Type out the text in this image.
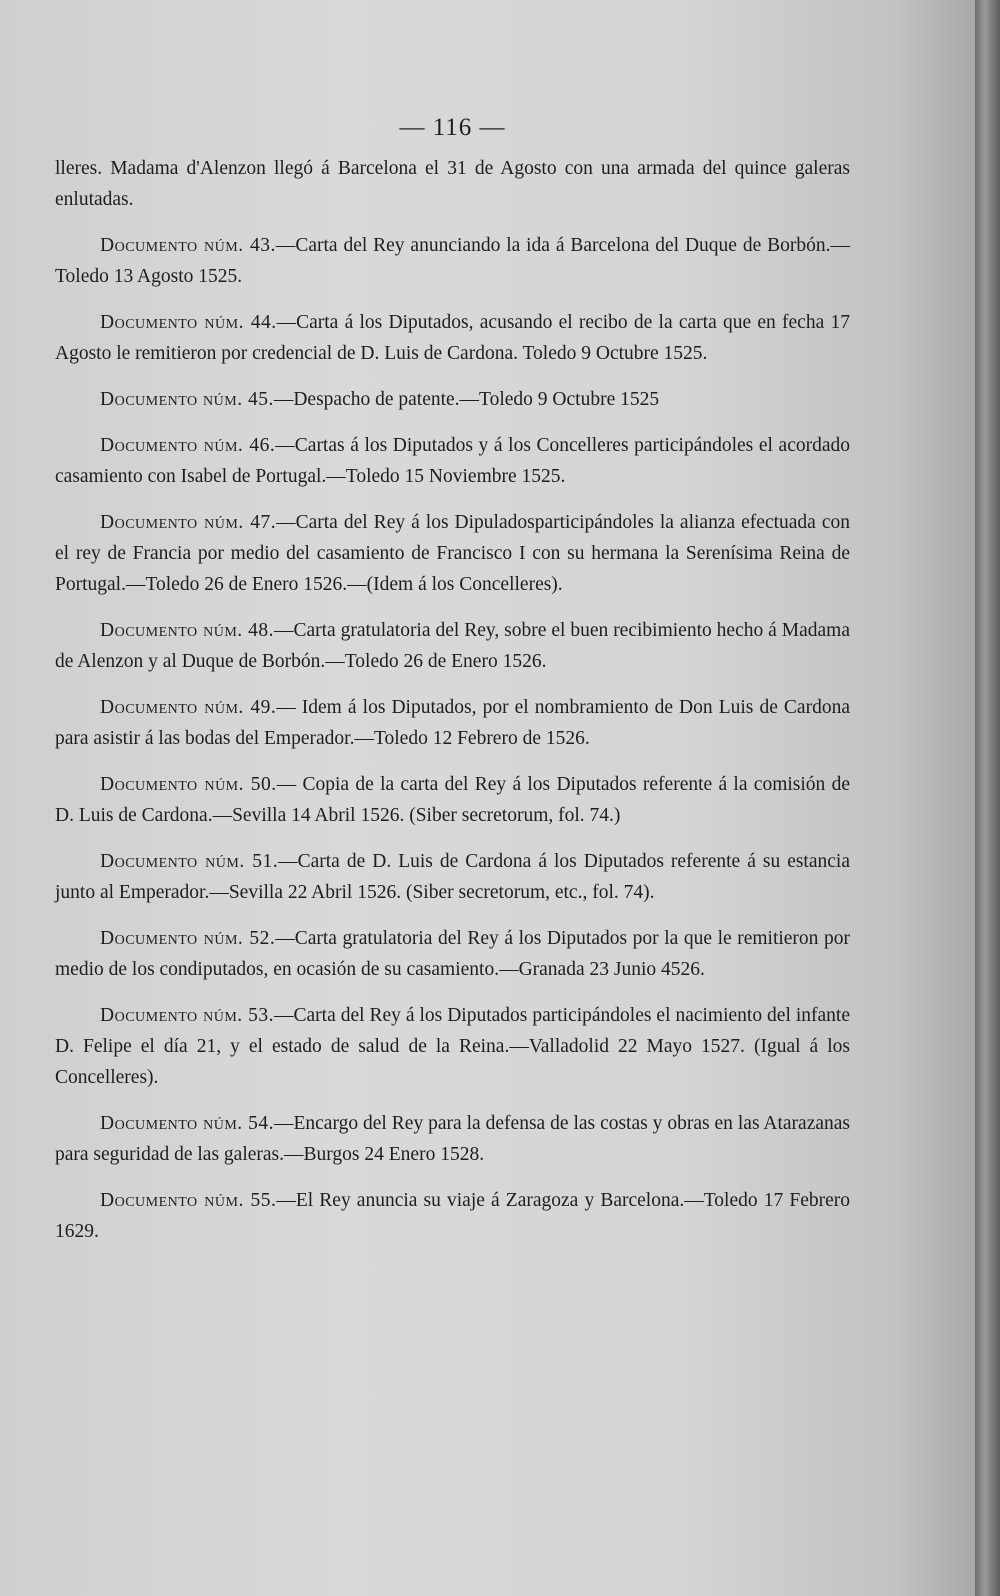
— 116 —

lleres. Madama d'Alenzon llegó á Barcelona el 31 de Agosto con una armada del quince galeras enlutadas.

Documento núm. 43.—Carta del Rey anunciando la ida á Barcelona del Duque de Borbón.—Toledo 13 Agosto 1525.

Documento núm. 44.—Carta á los Diputados, acusando el recibo de la carta que en fecha 17 Agosto le remitieron por credencial de D. Luis de Cardona. Toledo 9 Octubre 1525.

Documento núm. 45.—Despacho de patente.—Toledo 9 Octubre 1525

Documento núm. 46.—Cartas á los Diputados y á los Concelleres participándoles el acordado casamiento con Isabel de Portugal.—Toledo 15 Noviembre 1525.

Documento núm. 47.—Carta del Rey á los Dipuladosparticipándoles la alianza efectuada con el rey de Francia por medio del casamiento de Francisco I con su hermana la Serenísima Reina de Portugal.—Toledo 26 de Enero 1526.—(Idem á los Concelleres).

Documento núm. 48.—Carta gratulatoria del Rey, sobre el buen recibimiento hecho á Madama de Alenzon y al Duque de Borbón.—Toledo 26 de Enero 1526.

Documento núm. 49.— Idem á los Diputados, por el nombramiento de Don Luis de Cardona para asistir á las bodas del Emperador.—Toledo 12 Febrero de 1526.

Documento núm. 50.— Copia de la carta del Rey á los Diputados referente á la comisión de D. Luis de Cardona.—Sevilla 14 Abril 1526. (Siber secretorum, fol. 74.)

Documento núm. 51.—Carta de D. Luis de Cardona á los Diputados referente á su estancia junto al Emperador.—Sevilla 22 Abril 1526. (Siber secretorum, etc., fol. 74).

Documento núm. 52.—Carta gratulatoria del Rey á los Diputados por la que le remitieron por medio de los condiputados, en ocasión de su casamiento.—Granada 23 Junio 4526.

Documento núm. 53.—Carta del Rey á los Diputados participándoles el nacimiento del infante D. Felipe el día 21, y el estado de salud de la Reina.—Valladolid 22 Mayo 1527. (Igual á los Concelleres).

Documento núm. 54.—Encargo del Rey para la defensa de las costas y obras en las Atarazanas para seguridad de las galeras.—Burgos 24 Enero 1528.

Documento núm. 55.—El Rey anuncia su viaje á Zaragoza y Barcelona.—Toledo 17 Febrero 1629.
